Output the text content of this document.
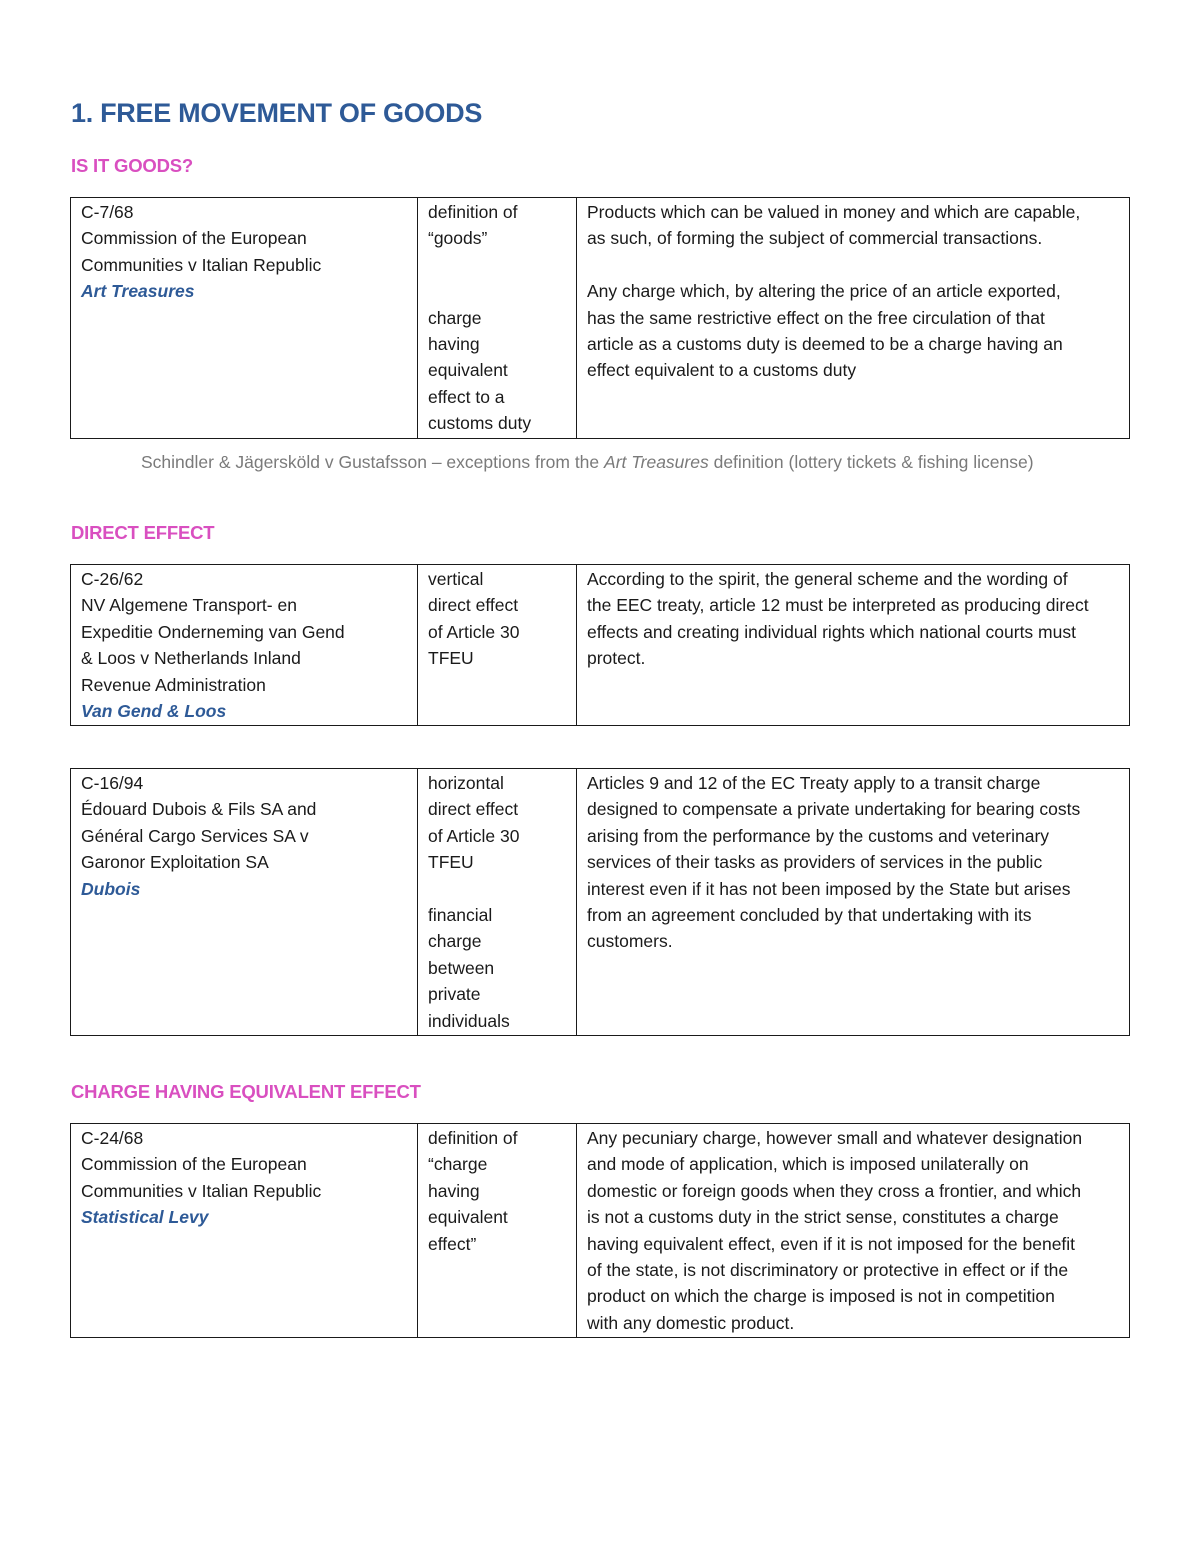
1. FREE MOVEMENT OF GOODS
IS IT GOODS?
C-7/68
Commission of the European
Communities v Italian Republic
Art Treasures

definition of
“goods”
charge
having
equivalent
effect to a
customs duty

Products which can be valued in money and which are capable,
as such, of forming the subject of commercial transactions.
Any charge which, by altering the price of an article exported,
has the same restrictive effect on the free circulation of that
article as a customs duty is deemed to be a charge having an
effect equivalent to a customs duty
Schindler & Jägersköld v Gustafsson – exceptions from the Art Treasures definition (lottery tickets & fishing license)
DIRECT EFFECT
C-26/62
NV Algemene Transport- en
Expeditie Onderneming van Gend
& Loos v Netherlands Inland
Revenue Administration
Van Gend & Loos

vertical
direct effect
of Article 30
TFEU

According to the spirit, the general scheme and the wording of
the EEC treaty, article 12 must be interpreted as producing direct
effects and creating individual rights which national courts must
protect.
C-16/94
Édouard Dubois & Fils SA and
Général Cargo Services SA v
Garonor Exploitation SA
Dubois

horizontal
direct effect
of Article 30
TFEU
financial
charge
between
private
individuals

Articles 9 and 12 of the EC Treaty apply to a transit charge
designed to compensate a private undertaking for bearing costs
arising from the performance by the customs and veterinary
services of their tasks as providers of services in the public
interest even if it has not been imposed by the State but arises
from an agreement concluded by that undertaking with its
customers.
CHARGE HAVING EQUIVALENT EFFECT
C-24/68
Commission of the European
Communities v Italian Republic
Statistical Levy

definition of
“charge
having
equivalent
effect”

Any pecuniary charge, however small and whatever designation
and mode of application, which is imposed unilaterally on
domestic or foreign goods when they cross a frontier, and which
is not a customs duty in the strict sense, constitutes a charge
having equivalent effect, even if it is not imposed for the benefit
of the state, is not discriminatory or protective in effect or if the
product on which the charge is imposed is not in competition
with any domestic product.
